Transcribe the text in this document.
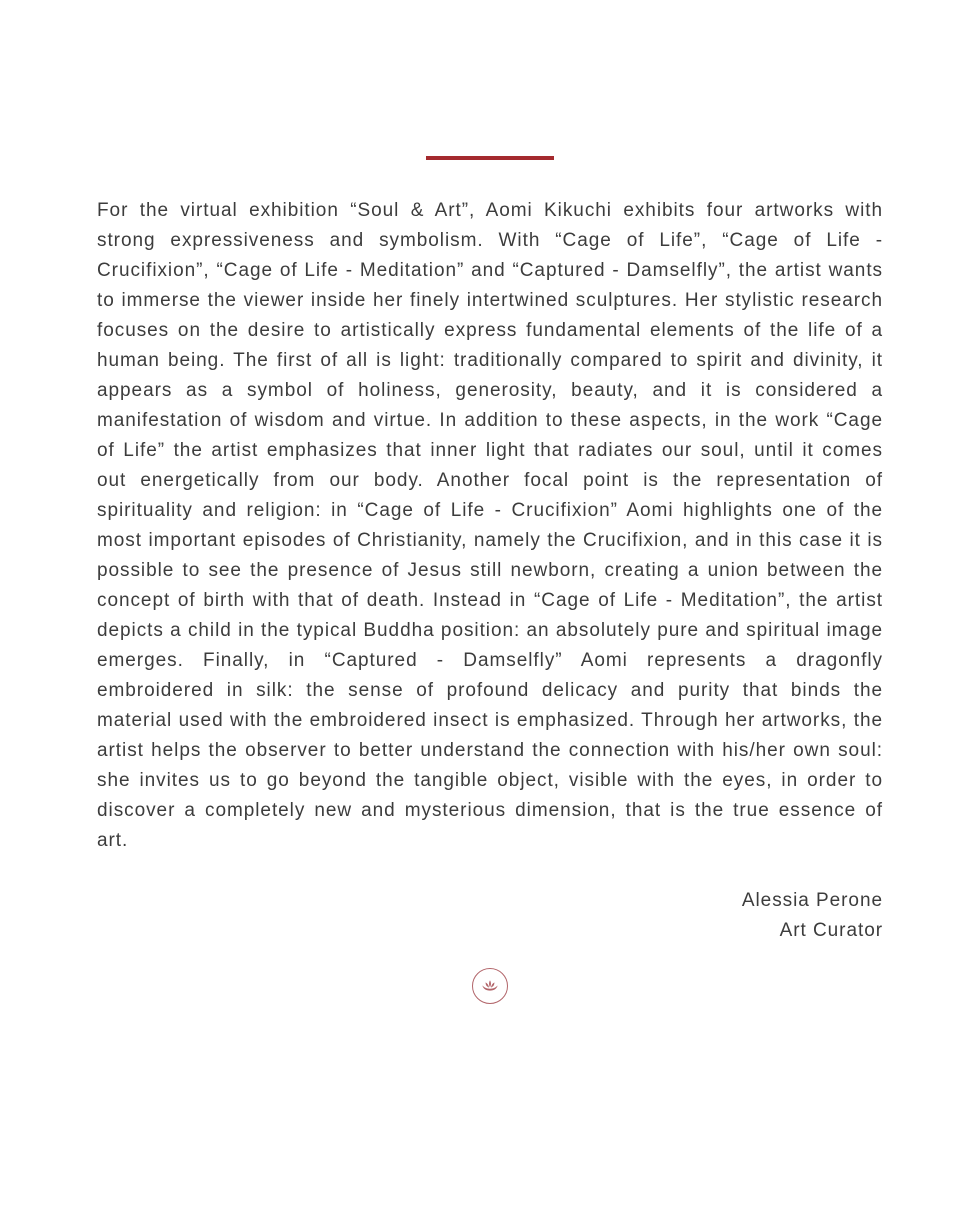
For the virtual exhibition “Soul & Art”, Aomi Kikuchi exhibits four artworks with strong expressiveness and symbolism. With “Cage of Life”, “Cage of Life - Crucifixion”, “Cage of Life - Meditation” and “Captured - Damselfly”, the artist wants to immerse the viewer inside her finely intertwined sculptures. Her stylistic research focuses on the desire to artistically express fundamental elements of the life of a human being. The first of all is light: traditionally compared to spirit and divinity, it appears as a symbol of holiness, generosity, beauty, and it is considered a manifestation of wisdom and virtue. In addition to these aspects, in the work “Cage of Life” the artist emphasizes that inner light that radiates our soul, until it comes out energetically from our body. Another focal point is the representation of spirituality and religion: in “Cage of Life - Crucifixion” Aomi highlights one of the most important episodes of Christianity, namely the Crucifixion, and in this case it is possible to see the presence of Jesus still newborn, creating a union between the concept of birth with that of death. Instead in “Cage of Life - Meditation”, the artist depicts a child in the typical Buddha position: an absolutely pure and spiritual image emerges. Finally, in “Captured - Damselfly” Aomi represents a dragonfly embroidered in silk: the sense of profound delicacy and purity that binds the material used with the embroidered insect is emphasized. Through her artworks, the artist helps the observer to better understand the connection with his/her own soul: she invites us to go beyond the tangible object, visible with the eyes, in order to discover a completely new and mysterious dimension, that is the true essence of art.

Alessia Perone
Art Curator
